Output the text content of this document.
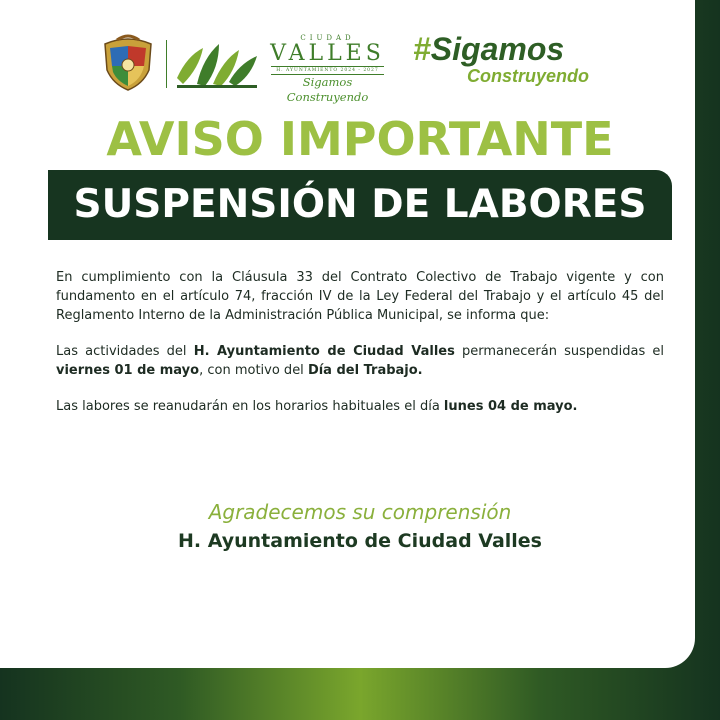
CIUDAD
VALLES
H. AYUNTAMIENTO 2024 - 2027
Sigamos Construyendo
#Sigamos
Construyendo
AVISO IMPORTANTE
SUSPENSIÓN DE LABORES

En cumplimiento con la Cláusula 33 del Contrato Colectivo de Trabajo vigente y con fundamento en el artículo 74, fracción IV de la Ley Federal del Trabajo y el artículo 45 del Reglamento Interno de la Administración Pública Municipal, se informa que:

Las actividades del H. Ayuntamiento de Ciudad Valles permanecerán suspendidas el viernes 01 de mayo, con motivo del Día del Trabajo.

Las labores se reanudarán en los horarios habituales el día lunes 04 de mayo.

Agradecemos su comprensión
H. Ayuntamiento de Ciudad Valles
